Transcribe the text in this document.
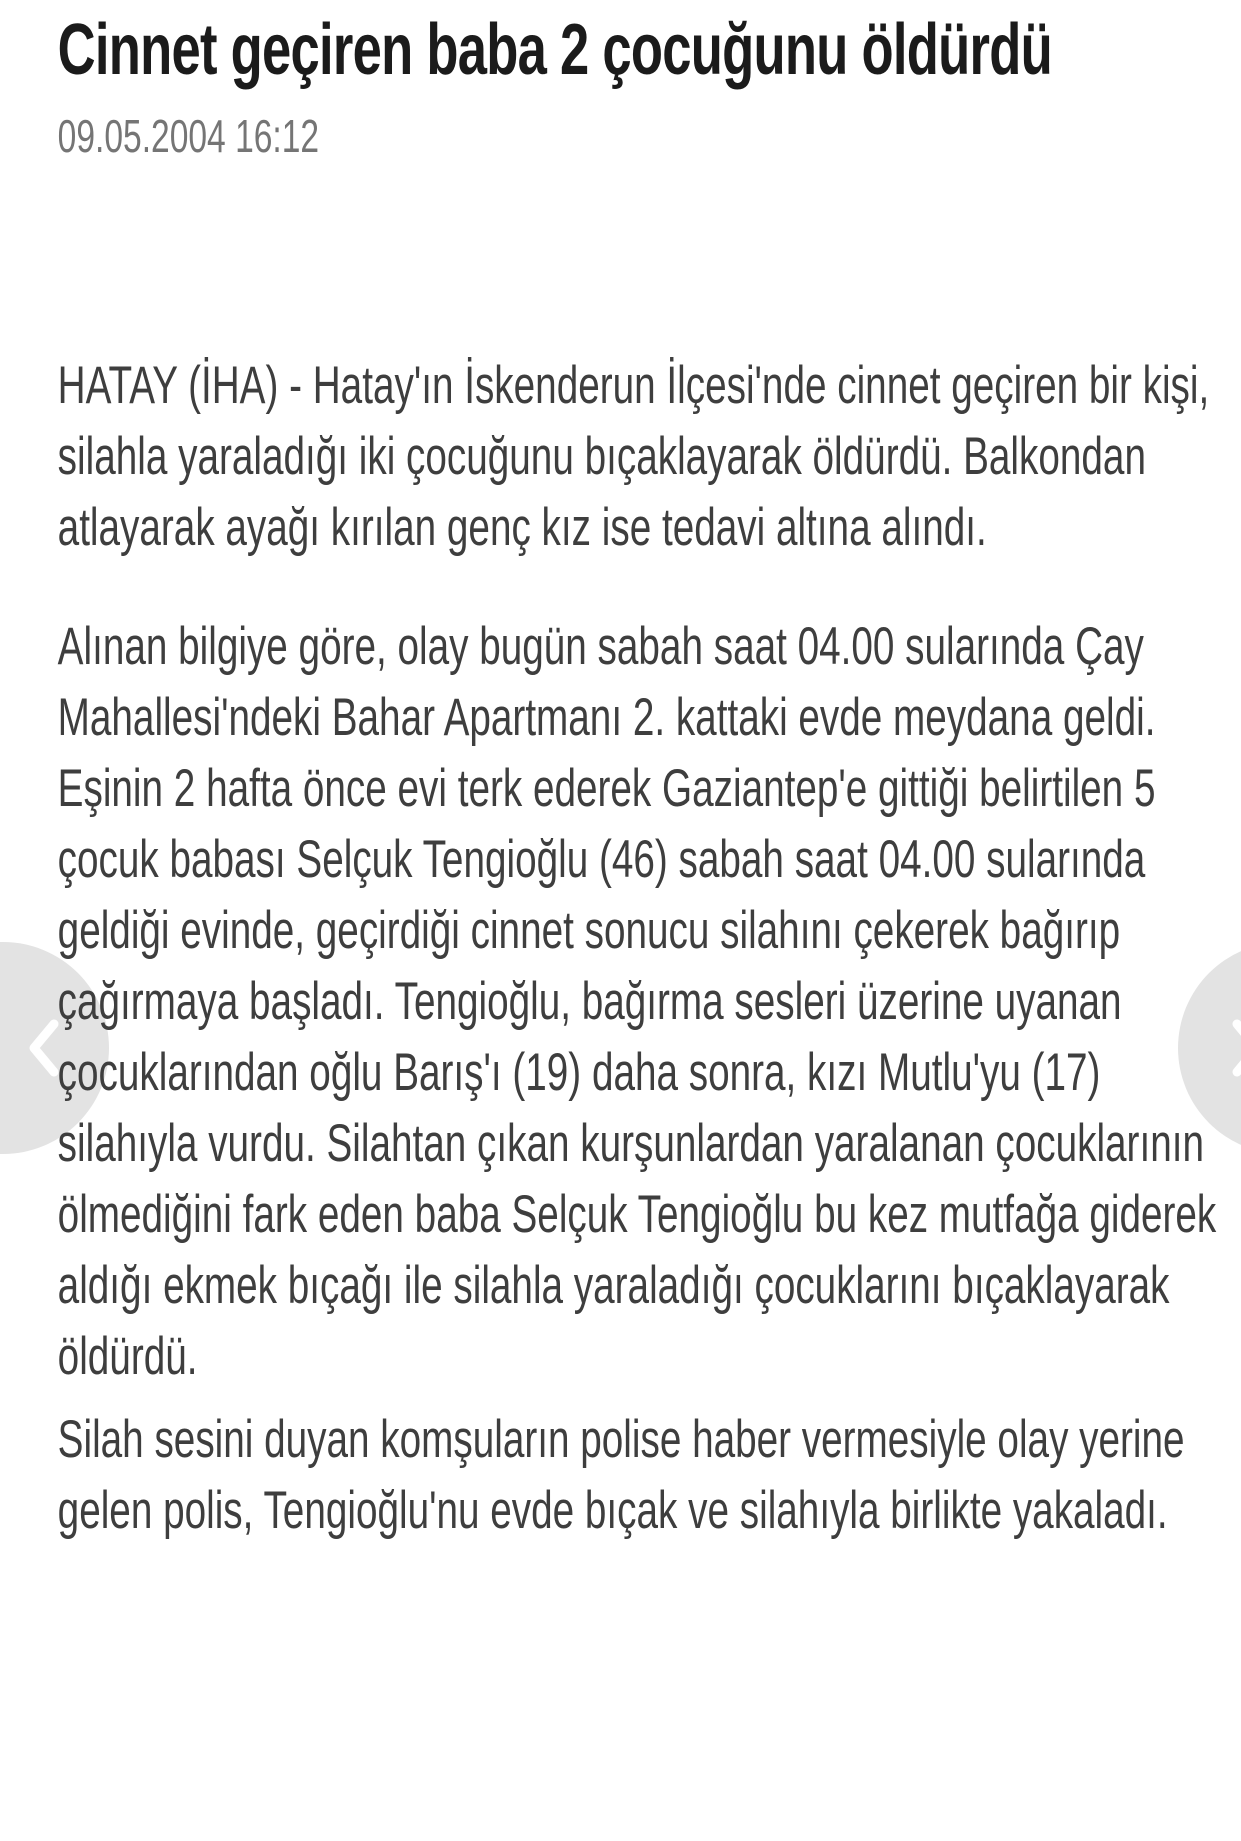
Cinnet geçiren baba 2 çocuğunu öldürdü
09.05.2004 16:12

HATAY (İHA) - Hatay'ın İskenderun İlçesi'nde cinnet geçiren bir kişi, silahla yaraladığı iki çocuğunu bıçaklayarak öldürdü. Balkondan atlayarak ayağı kırılan genç kız ise tedavi altına alındı.

Alınan bilgiye göre, olay bugün sabah saat 04.00 sularında Çay Mahallesi'ndeki Bahar Apartmanı 2. kattaki evde meydana geldi. Eşinin 2 hafta önce evi terk ederek Gaziantep'e gittiği belirtilen 5 çocuk babası Selçuk Tengioğlu (46) sabah saat 04.00 sularında geldiği evinde, geçirdiği cinnet sonucu silahını çekerek bağırıp çağırmaya başladı. Tengioğlu, bağırma sesleri üzerine uyanan çocuklarından oğlu Barış'ı (19) daha sonra, kızı Mutlu'yu (17) silahıyla vurdu. Silahtan çıkan kurşunlardan yaralanan çocuklarının ölmediğini fark eden baba Selçuk Tengioğlu bu kez mutfağa giderek aldığı ekmek bıçağı ile silahla yaraladığı çocuklarını bıçaklayarak öldürdü.

Silah sesini duyan komşuların polise haber vermesiyle olay yerine gelen polis, Tengioğlu'nu evde bıçak ve silahıyla birlikte yakaladı.
